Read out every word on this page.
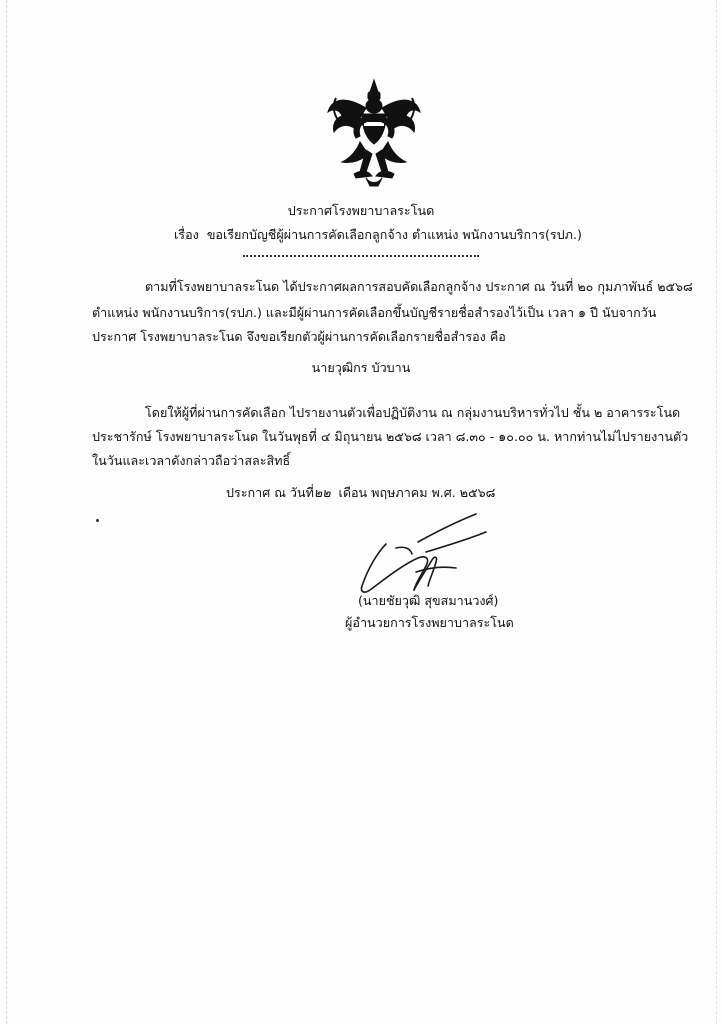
ประกาศโรงพยาบาลระโนด
เรื่อง ขอเรียกบัญชีผู้ผ่านการคัดเลือกลูกจ้าง ตำแหน่ง พนักงานบริการ(รปภ.)
ตามที่โรงพยาบาลระโนด ได้ประกาศผลการสอบคัดเลือกลูกจ้าง ประกาศ ณ วันที่ ๒๐ กุมภาพันธ์ ๒๕๖๘
ตำแหน่ง พนักงานบริการ(รปภ.) และมีผู้ผ่านการคัดเลือกขึ้นบัญชีรายชื่อสำรองไว้เป็น เวลา ๑ ปี นับจากวัน
ประกาศ โรงพยาบาลระโนด จึงขอเรียกตัวผู้ผ่านการคัดเลือกรายชื่อสำรอง คือ
นายวุฒิกร บัวบาน
โดยให้ผู้ที่ผ่านการคัดเลือก ไปรายงานตัวเพื่อปฏิบัติงาน ณ กลุ่มงานบริหารทั่วไป ชั้น ๒ อาคารระโนด
ประชารักษ์ โรงพยาบาลระโนด ในวันพุธที่ ๔ มิถุนายน ๒๕๖๘ เวลา ๘.๓๐ - ๑๐.๐๐ น. หากท่านไม่ไปรายงานตัว
ในวันและเวลาดังกล่าวถือว่าสละสิทธิ์
ประกาศ ณ วันที่๒๒ เดือน พฤษภาคม พ.ศ. ๒๕๖๘
(นายชัยวุฒิ สุขสมานวงศ์)
ผู้อำนวยการโรงพยาบาลระโนด
